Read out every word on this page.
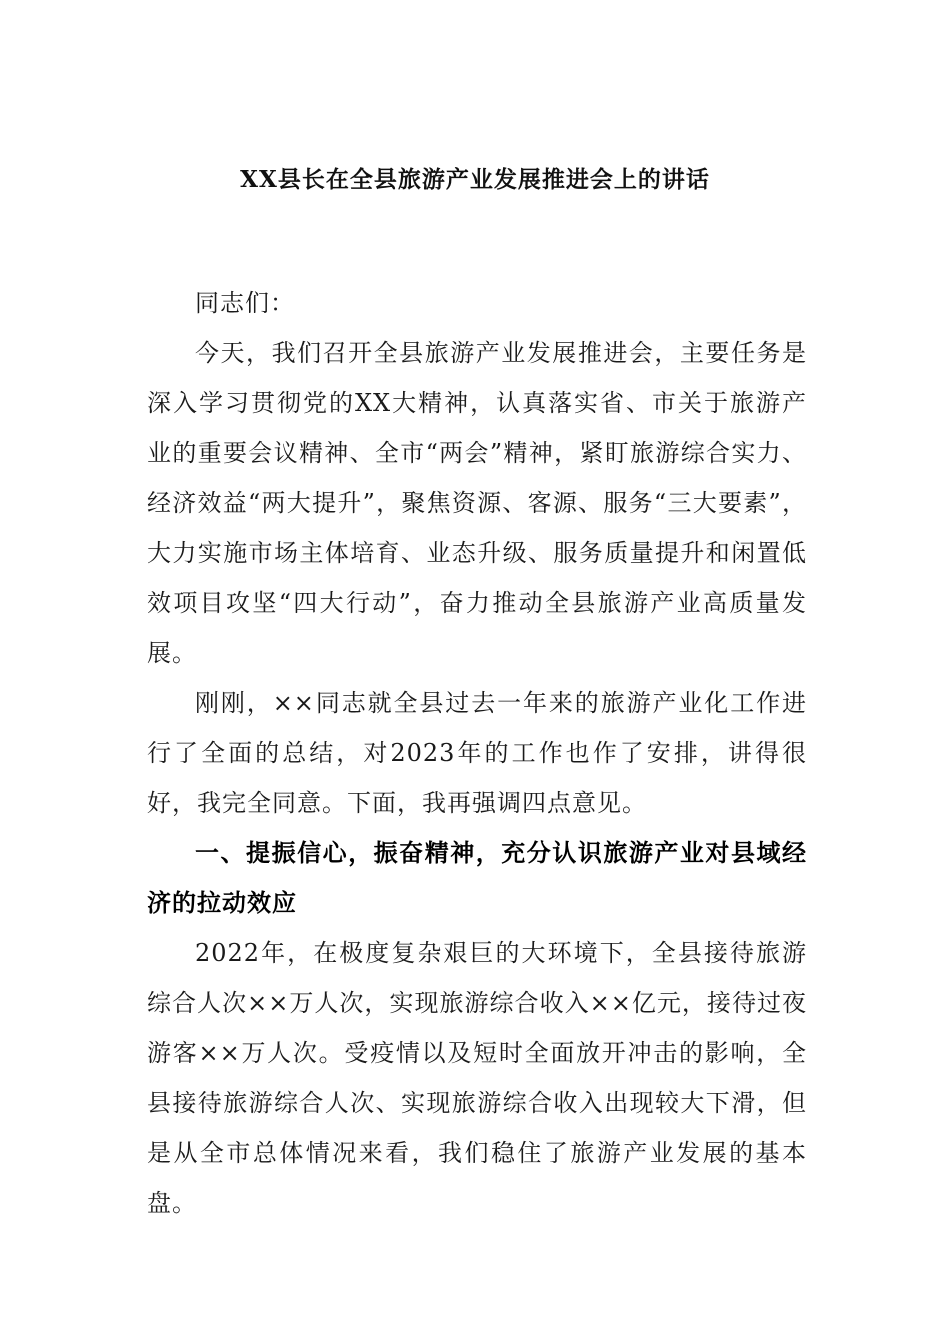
XX县长在全县旅游产业发展推进会上的讲话

同志们：

今天，我们召开全县旅游产业发展推进会，主要任务是深入学习贯彻党的XX大精神，认真落实省、市关于旅游产业的重要会议精神、全市“两会”精神，紧盯旅游综合实力、经济效益“两大提升”，聚焦资源、客源、服务“三大要素”，大力实施市场主体培育、业态升级、服务质量提升和闲置低效项目攻坚“四大行动”，奋力推动全县旅游产业高质量发展。

刚刚，××同志就全县过去一年来的旅游产业化工作进行了全面的总结，对2023年的工作也作了安排，讲得很好，我完全同意。下面，我再强调四点意见。

一、提振信心，振奋精神，充分认识旅游产业对县域经济的拉动效应

2022年，在极度复杂艰巨的大环境下，全县接待旅游综合人次××万人次，实现旅游综合收入××亿元，接待过夜游客××万人次。受疫情以及短时全面放开冲击的影响，全县接待旅游综合人次、实现旅游综合收入出现较大下滑，但是从全市总体情况来看，我们稳住了旅游产业发展的基本盘。
